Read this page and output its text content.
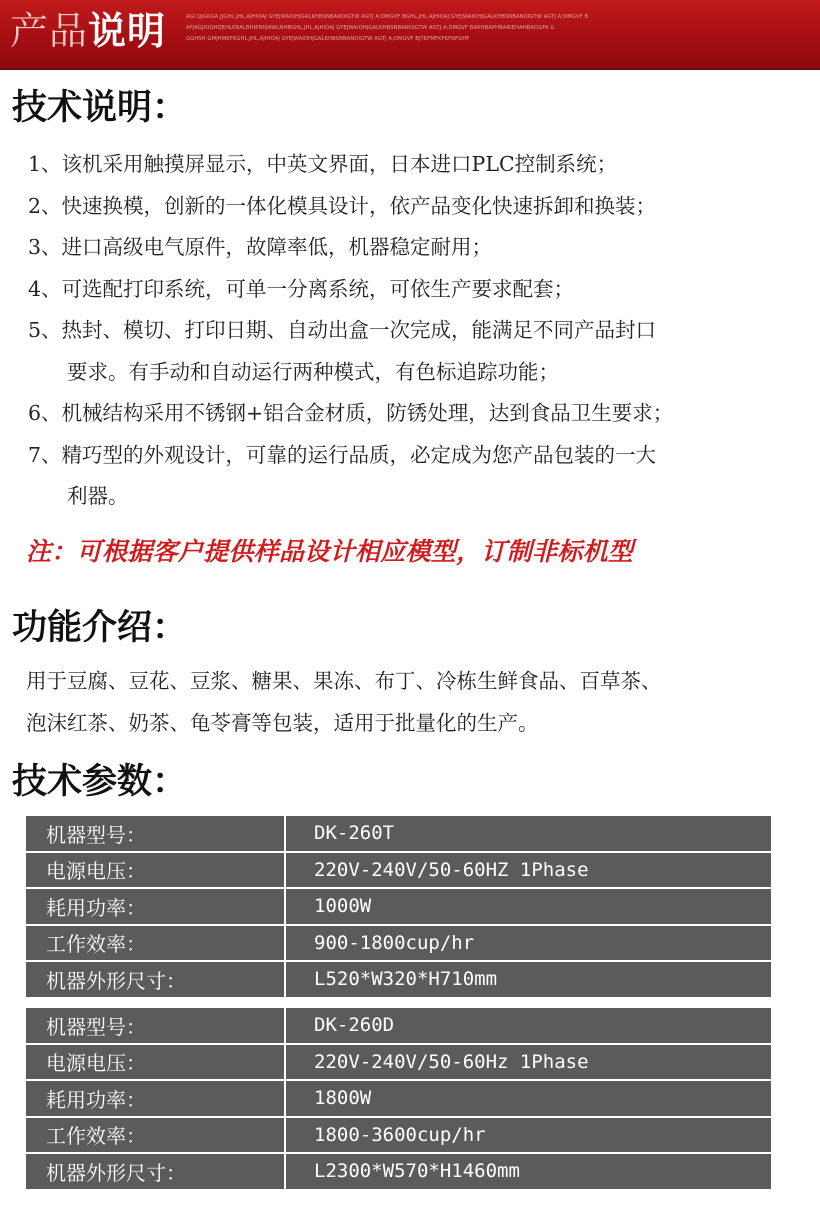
产品说明	AGI QJGKGA JJGHL,JHL,AJHIOAJ GYEJWAIOHJGALKHBSNBANOIGTW AGTJ A;DMGVF BGHL,JHL,AJHIOAJ GYEJWAIOHJGALKHBSNBANOIGTW AGTJ A;DMGVF B
AFJAGJIOQHQEHLKBALBHIERHJAWLNHBGHL,JHL,AJHIOAJ GYEJWAIOHJGALKHBSNBANOIGTW AGTJ A;DMGVF BAKHBAPHBARIEHAHBAOGFA G
GGHSH GMJHMKFKGHL,JHL,AJHIOAJ GYEJWAIOHJGALKHBSNBANOIGTW AGTJ A;DMGVF BJYKFMFKFKFNFGHF
技术说明：
1、该机采用触摸屏显示，中英文界面，日本进口PLC控制系统；
2、快速换模，创新的一体化模具设计，依产品变化快速拆卸和换装；
3、进口高级电气原件，故障率低，机器稳定耐用；
4、可选配打印系统，可单一分离系统，可依生产要求配套；
5、热封、模切、打印日期、自动出盒一次完成，能满足不同产品封口
要求。有手动和自动运行两种模式，有色标追踪功能；
6、机械结构采用不锈钢+铝合金材质，防锈处理，达到食品卫生要求；
7、精巧型的外观设计，可靠的运行品质，必定成为您产品包装的一大
利器。
注：可根据客户提供样品设计相应模型，订制非标机型
功能介绍：
用于豆腐、豆花、豆浆、糖果、果冻、布丁、冷栋生鲜食品、百草茶、
泡沫红茶、奶茶、龟苓膏等包装，适用于批量化的生产。
技术参数：
机器型号：	DK-260T
电源电压：	220V-240V/50-60HZ 1Phase
耗用功率：	1000W
工作效率：	900-1800cup/hr
机器外形尺寸：	L520*W320*H710mm
机器型号：	DK-260D
电源电压：	220V-240V/50-60Hz 1Phase
耗用功率：	1800W
工作效率：	1800-3600cup/hr
机器外形尺寸：	L2300*W570*H1460mm
